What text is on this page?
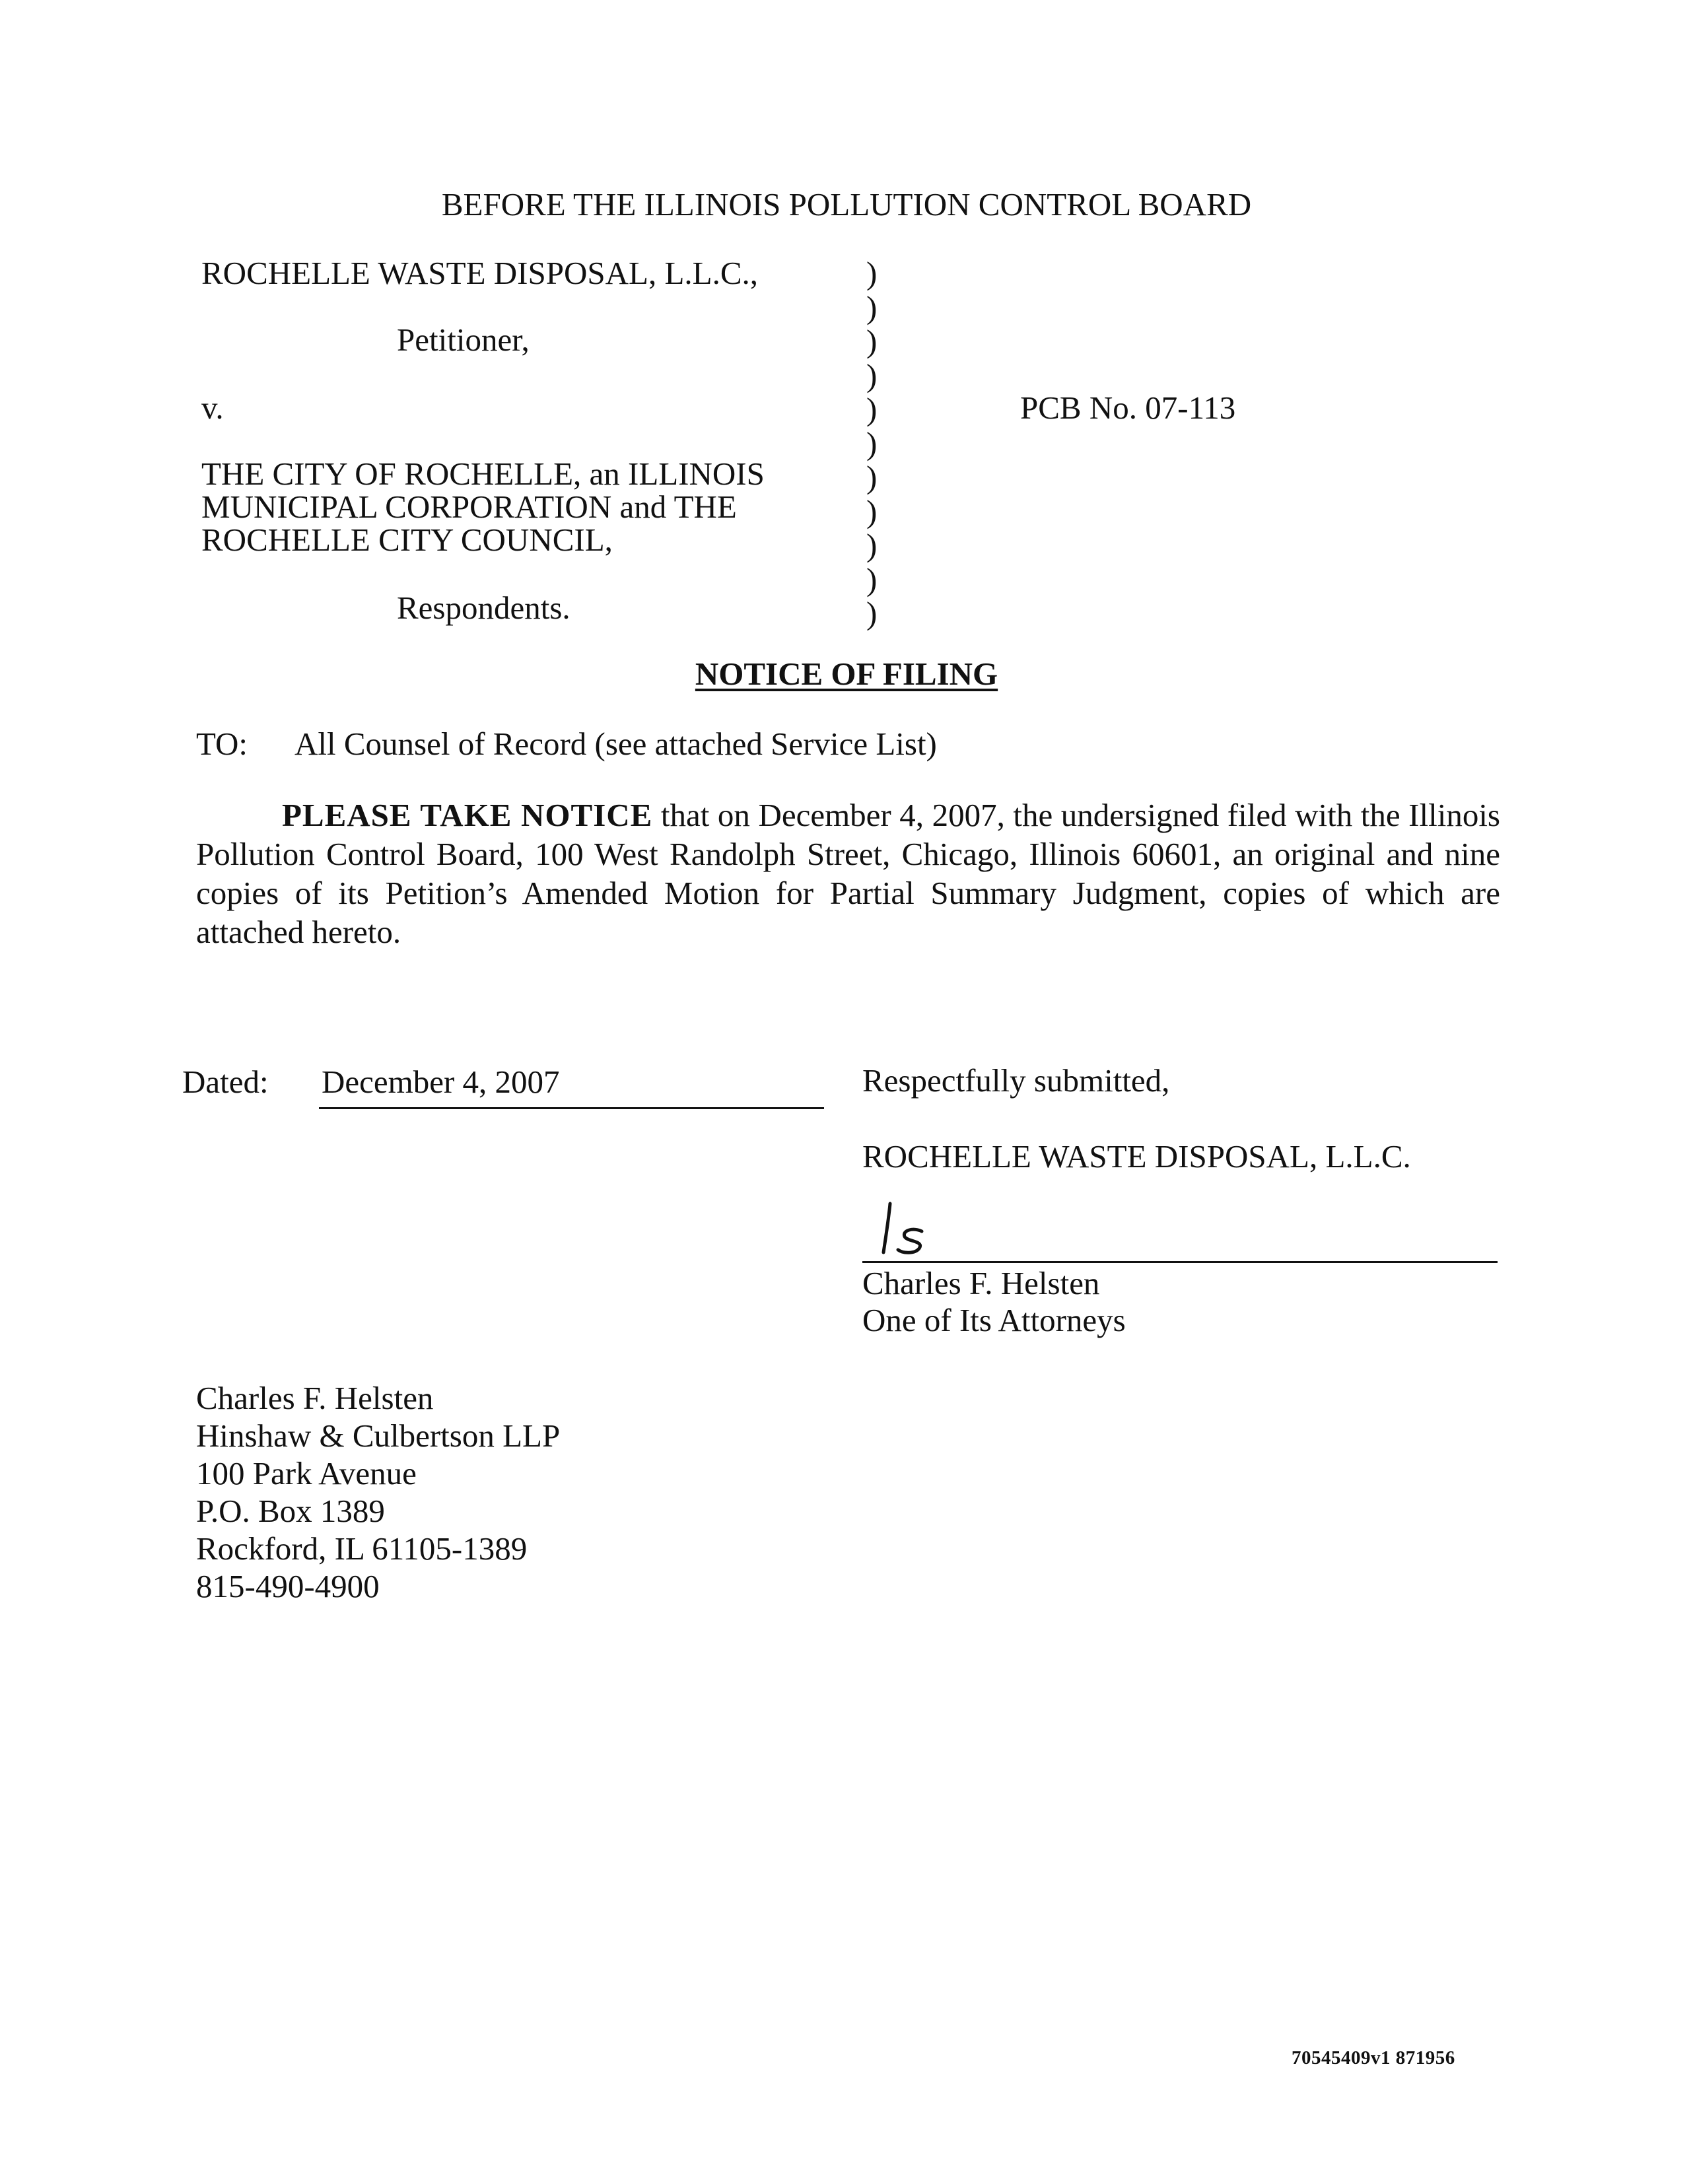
BEFORE THE ILLINOIS POLLUTION CONTROL BOARD
ROCHELLE WASTE DISPOSAL, L.L.C.,
Petitioner,
v.
THE CITY OF ROCHELLE, an ILLINOIS
MUNICIPAL CORPORATION and THE
ROCHELLE CITY COUNCIL,
Respondents.
)
)
)
)
)
)
)
)
)
)
)
PCB No. 07-113
NOTICE OF FILING
TO: All Counsel of Record (see attached Service List)
PLEASE TAKE NOTICE that on December 4, 2007, the undersigned filed with the Illinois Pollution Control Board, 100 West Randolph Street, Chicago, Illinois 60601, an original and nine copies of its Petition’s Amended Motion for Partial Summary Judgment, copies of which are attached hereto.
Dated: December 4, 2007	Respectfully submitted,
ROCHELLE WASTE DISPOSAL, L.L.C.
Charles F. Helsten
One of Its Attorneys
Charles F. Helsten
Hinshaw & Culbertson LLP
100 Park Avenue
P.O. Box 1389
Rockford, IL 61105-1389
815-490-4900
70545409v1 871956
